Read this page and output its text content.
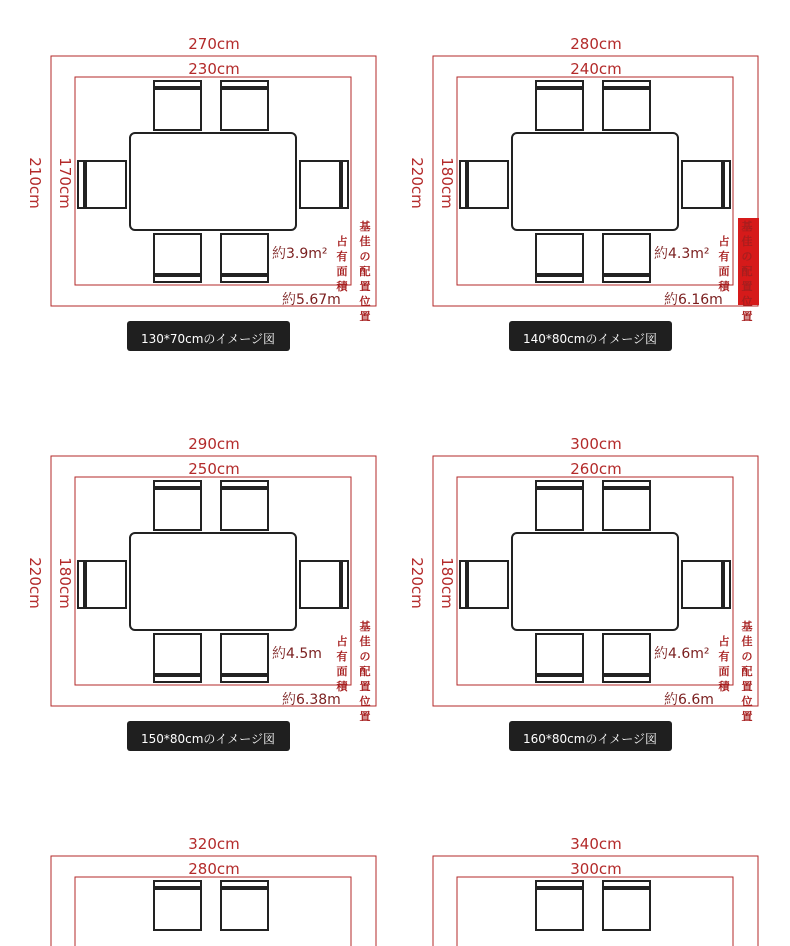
270cm
230cm
210cm 170cm
約3.9m²
約5.67m
占
有
面
積
基
佳
の
配
置
位
置
130*70cmのイメージ図
280cm
240cm
220cm 180cm
約4.3m²
約6.16m
占
有
面
積
基
佳
の
配
置
位
置
140*80cmのイメージ図
290cm
250cm
220cm 180cm
約4.5m
約6.38m
占
有
面
積
基
佳
の
配
置
位
置
150*80cmのイメージ図
300cm
260cm
220cm 180cm
約4.6m²
約6.6m
占
有
面
積
基
佳
の
配
置
位
置
160*80cmのイメージ図
320cm
280cm
340cm
300cm
